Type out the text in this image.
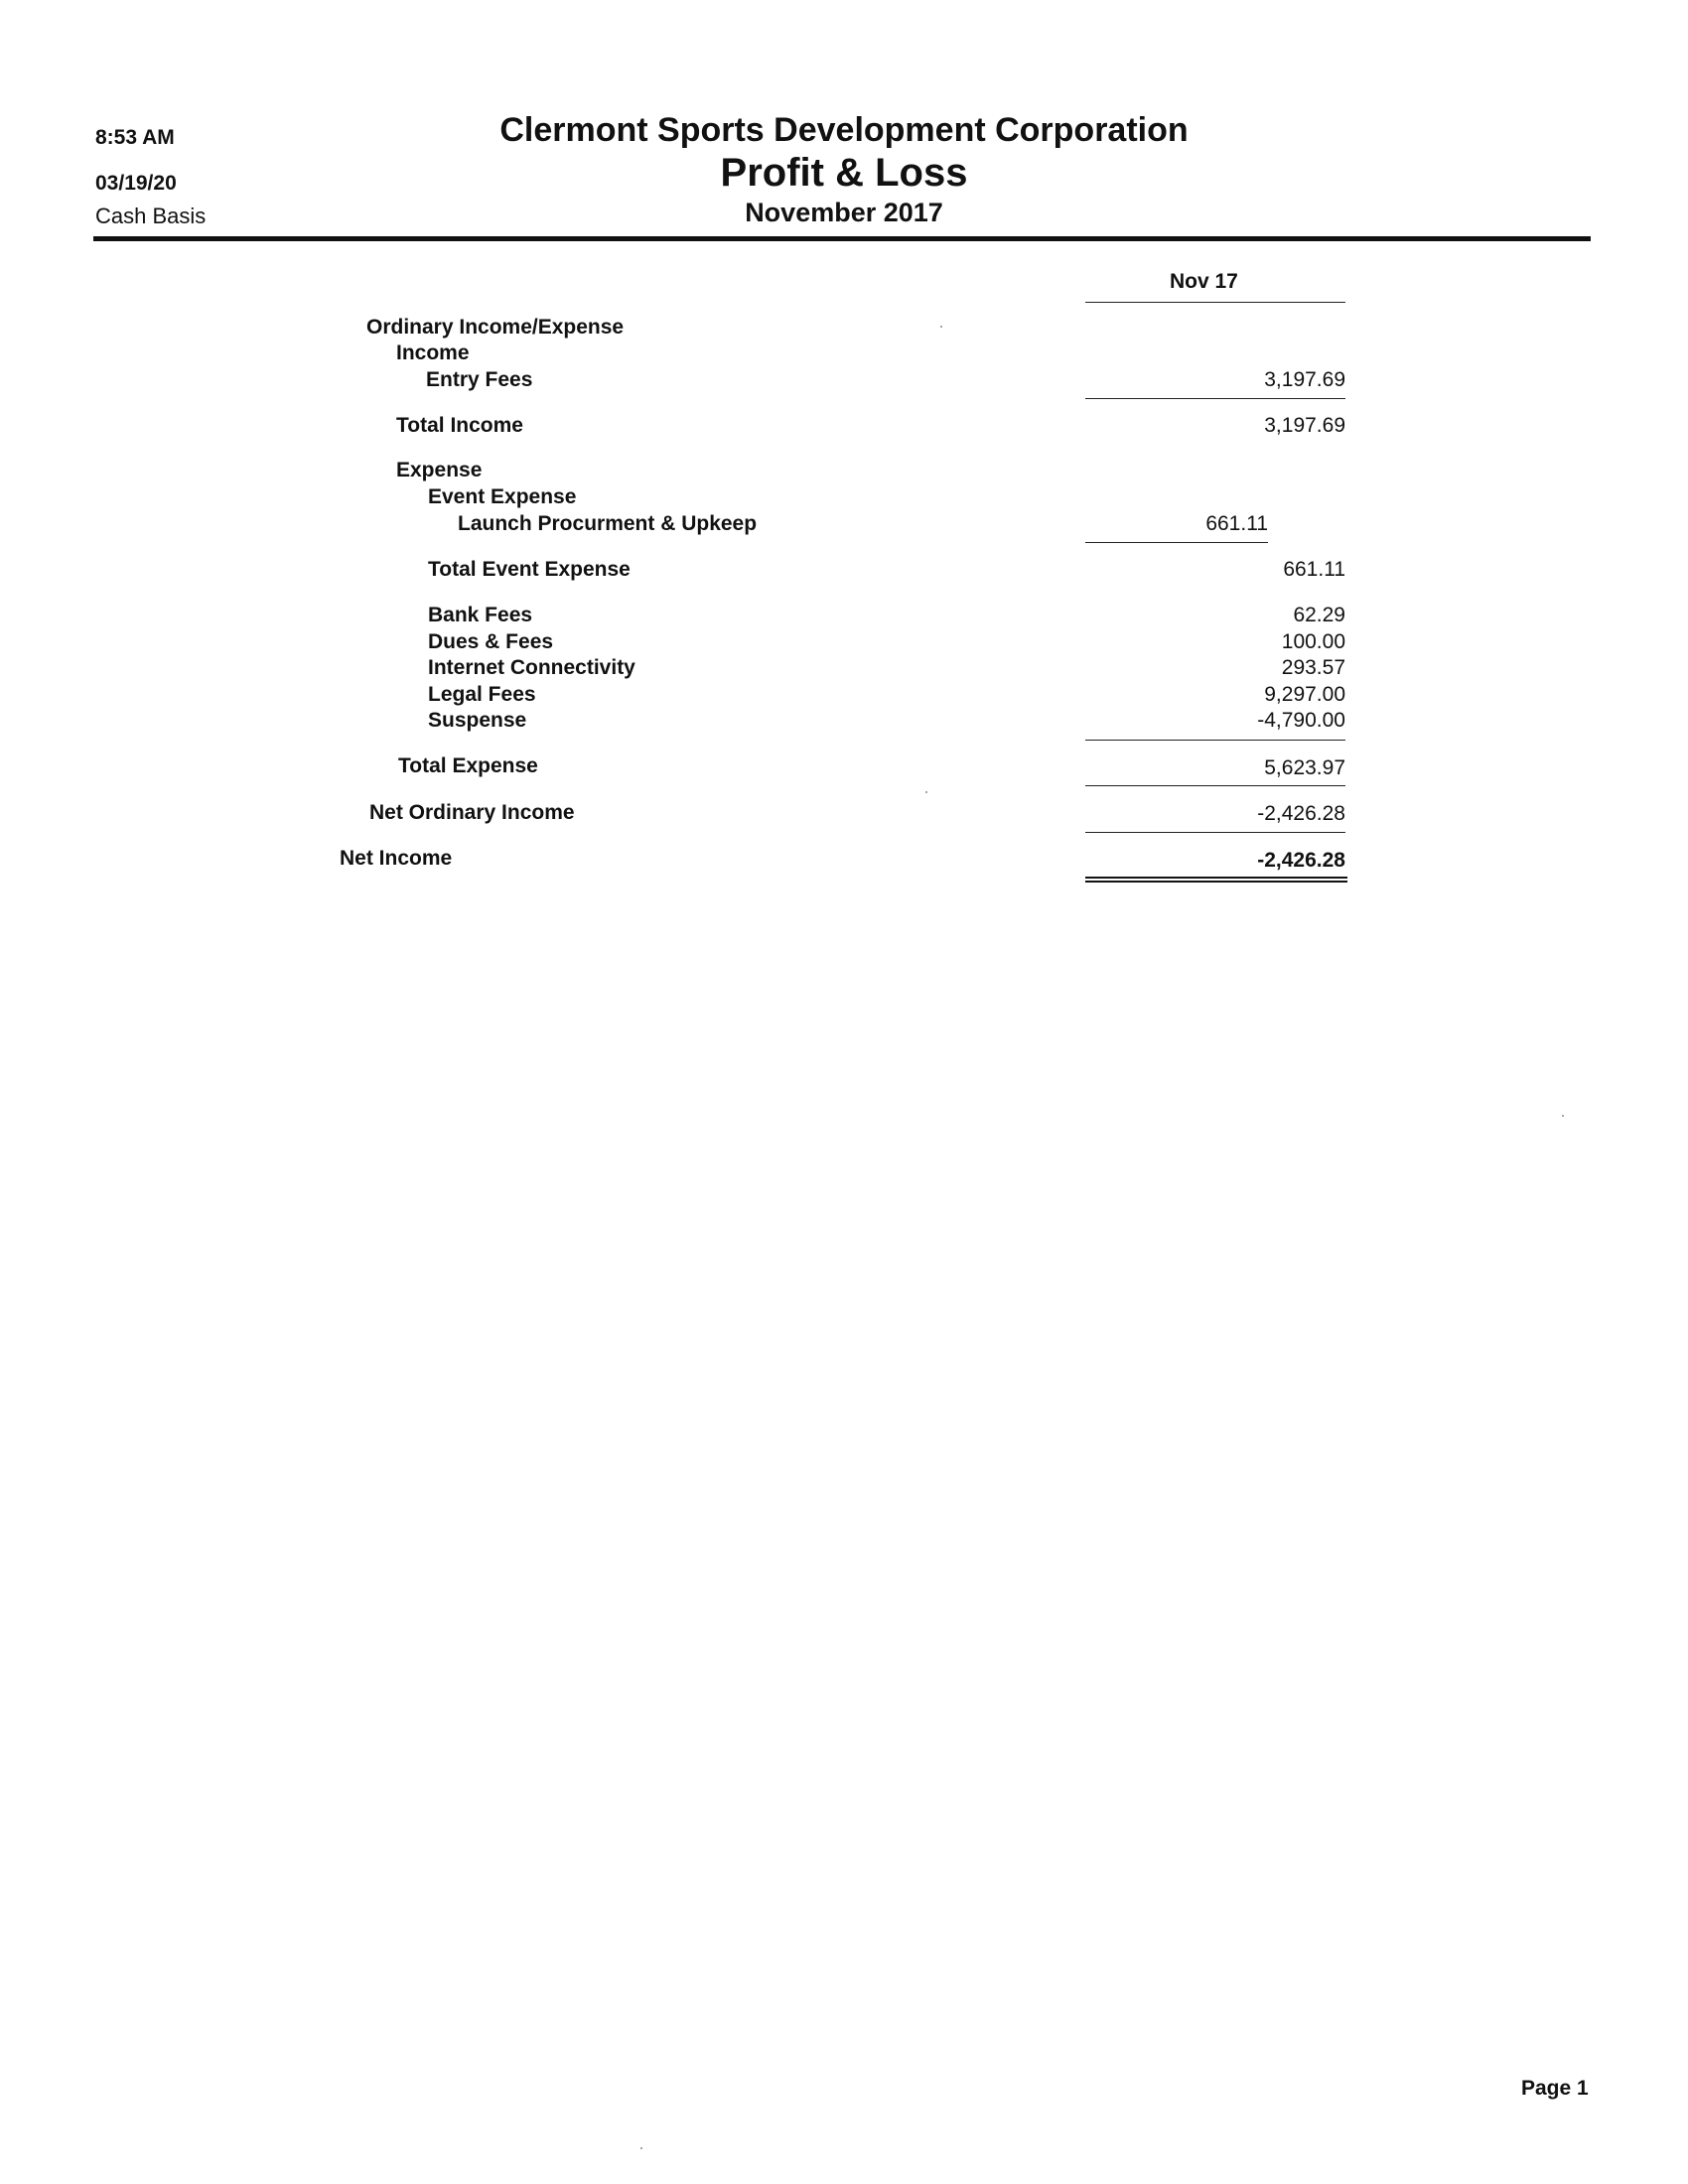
8:53 AM
03/19/20
Cash Basis
Clermont Sports Development Corporation
Profit & Loss
November 2017
Nov 17
Ordinary Income/Expense
Income
Entry Fees	3,197.69
Total Income	3,197.69
Expense
Event Expense
Launch Procurment & Upkeep	661.11
Total Event Expense	661.11
Bank Fees	62.29
Dues & Fees	100.00
Internet Connectivity	293.57
Legal Fees	9,297.00
Suspense	-4,790.00
Total Expense	5,623.97
Net Ordinary Income	-2,426.28
Net Income	-2,426.28
Page 1
